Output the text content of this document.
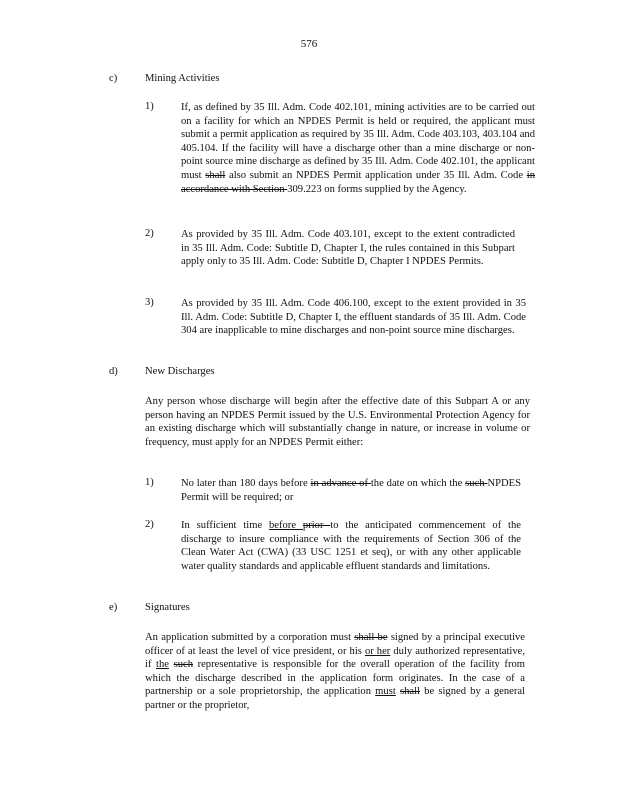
576
c)	Mining Activities
1)	If, as defined by 35 Ill. Adm. Code 402.101, mining activities are to be carried out on a facility for which an NPDES Permit is held or required, the applicant must submit a permit application as required by 35 Ill. Adm. Code 403.103, 403.104 and 405.104. If the facility will have a discharge other than a mine discharge or non-point source mine discharge as defined by 35 Ill. Adm. Code 402.101, the applicant must shall also submit an NPDES Permit application under 35 Ill. Adm. Code in accordance with Section 309.223 on forms supplied by the Agency.
2)	As provided by 35 Ill. Adm. Code 403.101, except to the extent contradicted in 35 Ill. Adm. Code: Subtitle D, Chapter I, the rules contained in this Subpart apply only to 35 Ill. Adm. Code: Subtitle D, Chapter I NPDES Permits.
3)	As provided by 35 Ill. Adm. Code 406.100, except to the extent provided in 35 Ill. Adm. Code: Subtitle D, Chapter I, the effluent standards of 35 Ill. Adm. Code 304 are inapplicable to mine discharges and non-point source mine discharges.
d)	New Discharges
Any person whose discharge will begin after the effective date of this Subpart A or any person having an NPDES Permit issued by the U.S. Environmental Protection Agency for an existing discharge which will substantially change in nature, or increase in volume or frequency, must apply for an NPDES Permit either:
1)	No later than 180 days before in advance of the date on which the such NPDES Permit will be required; or
2)	In sufficient time before prior to the anticipated commencement of the discharge to insure compliance with the requirements of Section 306 of the Clean Water Act (CWA) (33 USC 1251 et seq), or with any other applicable water quality standards and applicable effluent standards and limitations.
e)	Signatures
An application submitted by a corporation must shall be signed by a principal executive officer of at least the level of vice president, or his or her duly authorized representative, if the such representative is responsible for the overall operation of the facility from which the discharge described in the application form originates. In the case of a partnership or a sole proprietorship, the application must shall be signed by a general partner or the proprietor,
